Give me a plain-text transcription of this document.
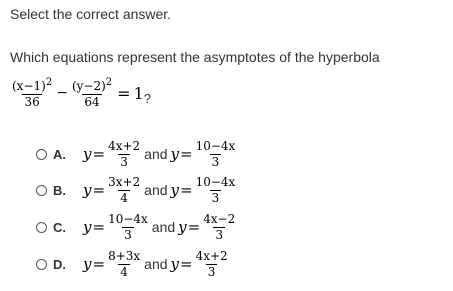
Select the correct answer.
Which equations represent the asymptotes of the hyperbola
$\frac{(x-1)^2}{36} - \frac{(y-2)^2}{64} = 1$ ?
A.	$y = \frac{4x+2}{3}$ and $y = \frac{10-4x}{3}$
B.	$y = \frac{3x+2}{4}$ and $y = \frac{10-4x}{3}$
C.	$y = \frac{10-4x}{3}$ and $y = \frac{4x-2}{3}$
D.	$y = \frac{8+3x}{4}$ and $y = \frac{4x+2}{3}$
